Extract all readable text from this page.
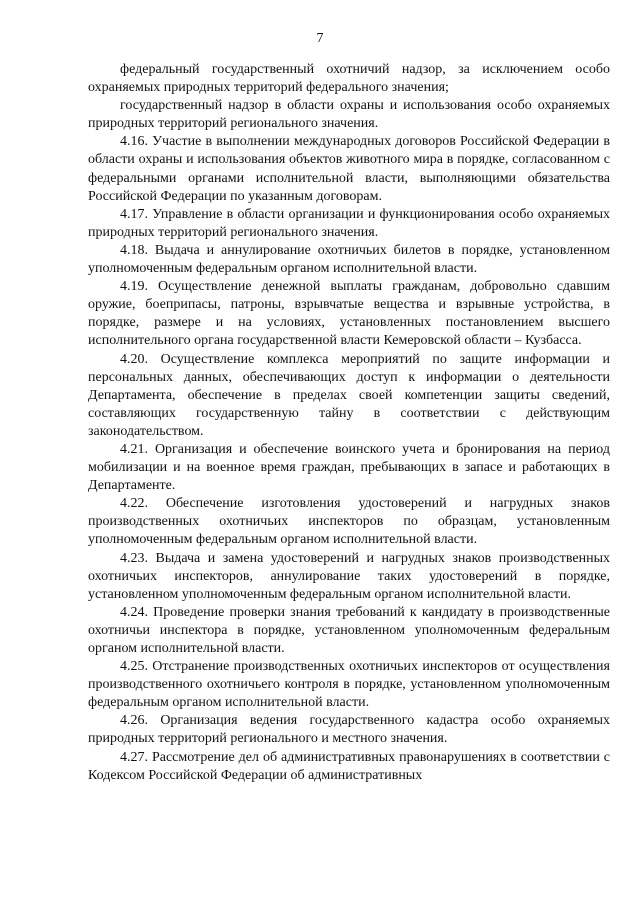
7

федеральный государственный охотничий надзор, за исключением особо охраняемых природных территорий федерального значения;

государственный надзор в области охраны и использования особо охраняемых природных территорий регионального значения.

4.16. Участие в выполнении международных договоров Российской Федерации в области охраны и использования объектов животного мира в порядке, согласованном с федеральными органами исполнительной власти, выполняющими обязательства Российской Федерации по указанным договорам.

4.17. Управление в области организации и функционирования особо охраняемых природных территорий регионального значения.

4.18. Выдача и аннулирование охотничьих билетов в порядке, установленном уполномоченным федеральным органом исполнительной власти.

4.19. Осуществление денежной выплаты гражданам, добровольно сдавшим оружие, боеприпасы, патроны, взрывчатые вещества и взрывные устройства, в порядке, размере и на условиях, установленных постановлением высшего исполнительного органа государственной власти Кемеровской области – Кузбасса.

4.20. Осуществление комплекса мероприятий по защите информации и персональных данных, обеспечивающих доступ к информации о деятельности Департамента, обеспечение в пределах своей компетенции защиты сведений, составляющих государственную тайну в соответствии с действующим законодательством.

4.21. Организация и обеспечение воинского учета и бронирования на период мобилизации и на военное время граждан, пребывающих в запасе и работающих в Департаменте.

4.22. Обеспечение изготовления удостоверений и нагрудных знаков производственных охотничьих инспекторов по образцам, установленным уполномоченным федеральным органом исполнительной власти.

4.23. Выдача и замена удостоверений и нагрудных знаков производственных охотничьих инспекторов, аннулирование таких удостоверений в порядке, установленном уполномоченным федеральным органом исполнительной власти.

4.24. Проведение проверки знания требований к кандидату в производственные охотничьи инспектора в порядке, установленном уполномоченным федеральным органом исполнительной власти.

4.25. Отстранение производственных охотничьих инспекторов от осуществления производственного охотничьего контроля в порядке, установленном уполномоченным федеральным органом исполнительной власти.

4.26. Организация ведения государственного кадастра особо охраняемых природных территорий регионального и местного значения.

4.27. Рассмотрение дел об административных правонарушениях в соответствии с Кодексом Российской Федерации об административных
